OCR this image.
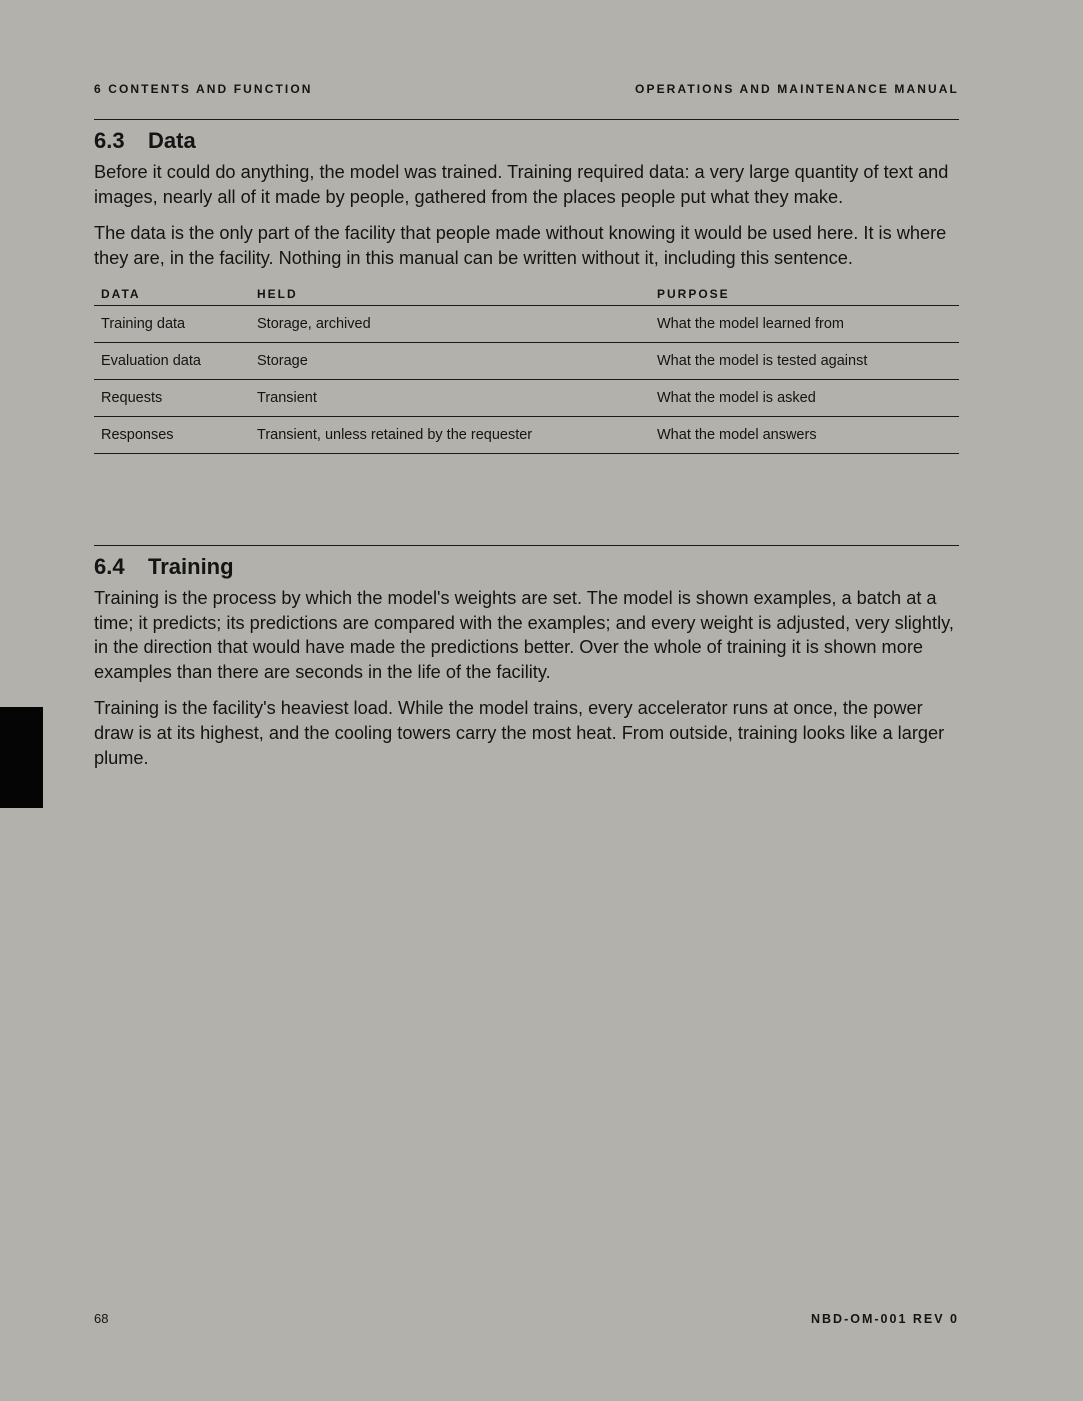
6 CONTENTS AND FUNCTION	OPERATIONS AND MAINTENANCE MANUAL
6.3 Data

Before it could do anything, the model was trained. Training required data: a very large quantity of text and images, nearly all of it made by people, gathered from the places people put what they make.

The data is the only part of the facility that people made without knowing it would be used here. It is where they are, in the facility. Nothing in this manual can be written without it, including this sentence.

DATA	HELD	PURPOSE
Training data	Storage, archived	What the model learned from
Evaluation data	Storage	What the model is tested against
Requests	Transient	What the model is asked
Responses	Transient, unless retained by the requester	What the model answers
6.4 Training

Training is the process by which the model's weights are set. The model is shown examples, a batch at a time; it predicts; its predictions are compared with the examples; and every weight is adjusted, very slightly, in the direction that would have made the predictions better. Over the whole of training it is shown more examples than there are seconds in the life of the facility.

Training is the facility's heaviest load. While the model trains, every accelerator runs at once, the power draw is at its highest, and the cooling towers carry the most heat. From outside, training looks like a larger plume.

68	NBD-OM-001 REV 0
